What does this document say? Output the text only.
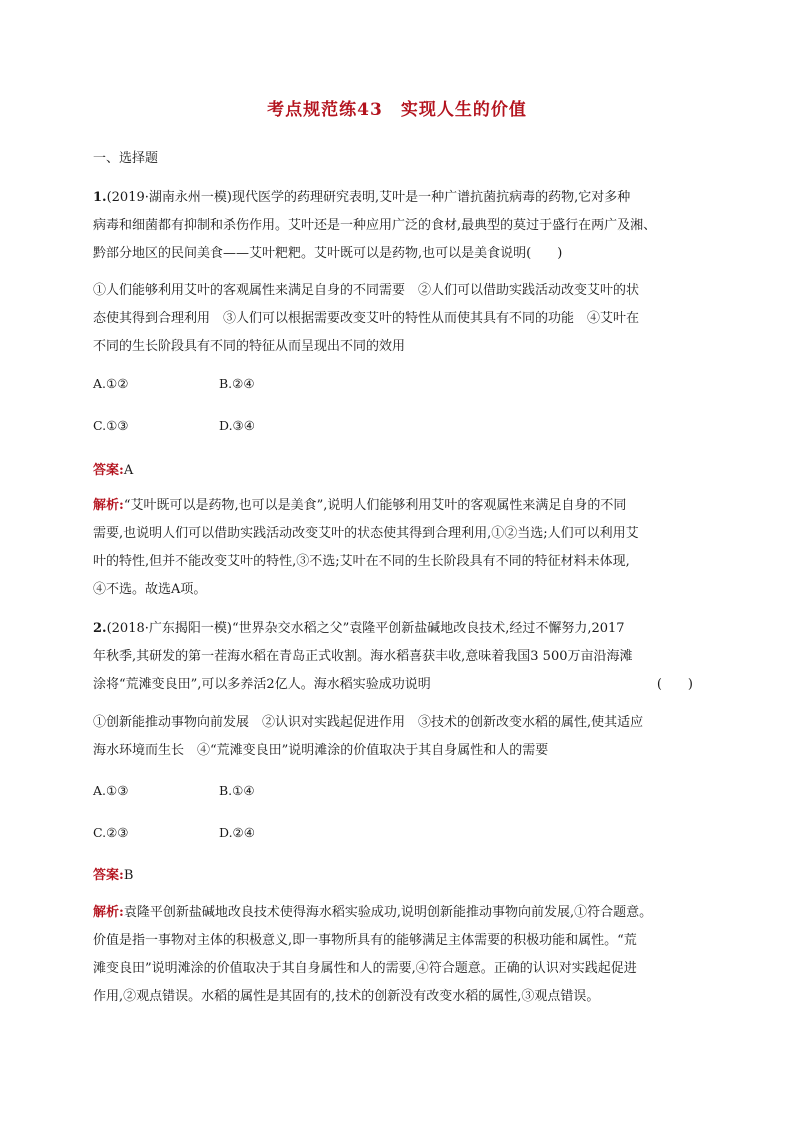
考点规范练43　实现人生的价值
一、选择题

1.(2019·湖南永州一模)现代医学的药理研究表明,艾叶是一种广谱抗菌抗病毒的药物,它对多种

病毒和细菌都有抑制和杀伤作用。艾叶还是一种应用广泛的食材,最典型的莫过于盛行在两广及湘、

黔部分地区的民间美食——艾叶粑粑。艾叶既可以是药物,也可以是美食说明(　　)

①人们能够利用艾叶的客观属性来满足自身的不同需要　②人们可以借助实践活动改变艾叶的状

态使其得到合理利用　③人们可以根据需要改变艾叶的特性从而使其具有不同的功能　④艾叶在

不同的生长阶段具有不同的特征从而呈现出不同的效用

A.①②	B.②④
C.①③	D.③④
答案:A

解析:“艾叶既可以是药物,也可以是美食”,说明人们能够利用艾叶的客观属性来满足自身的不同

需要,也说明人们可以借助实践活动改变艾叶的状态使其得到合理利用,①②当选;人们可以利用艾

叶的特性,但并不能改变艾叶的特性,③不选;艾叶在不同的生长阶段具有不同的特征材料未体现,

④不选。故选A项。

2.(2018·广东揭阳一模)“世界杂交水稻之父”袁隆平创新盐碱地改良技术,经过不懈努力,2017

年秋季,其研发的第一茬海水稻在青岛正式收割。海水稻喜获丰收,意味着我国3 500万亩沿海滩

涂将“荒滩变良田”,可以多养活2亿人。海水稻实验成功说明	(　　)

①创新能推动事物向前发展　②认识对实践起促进作用　③技术的创新改变水稻的属性,使其适应

海水环境而生长　④“荒滩变良田”说明滩涂的价值取决于其自身属性和人的需要

A.①③	B.①④
C.②③	D.②④
答案:B

解析:袁隆平创新盐碱地改良技术使得海水稻实验成功,说明创新能推动事物向前发展,①符合题意。

价值是指一事物对主体的积极意义,即一事物所具有的能够满足主体需要的积极功能和属性。“荒

滩变良田”说明滩涂的价值取决于其自身属性和人的需要,④符合题意。正确的认识对实践起促进

作用,②观点错误。水稻的属性是其固有的,技术的创新没有改变水稻的属性,③观点错误。
